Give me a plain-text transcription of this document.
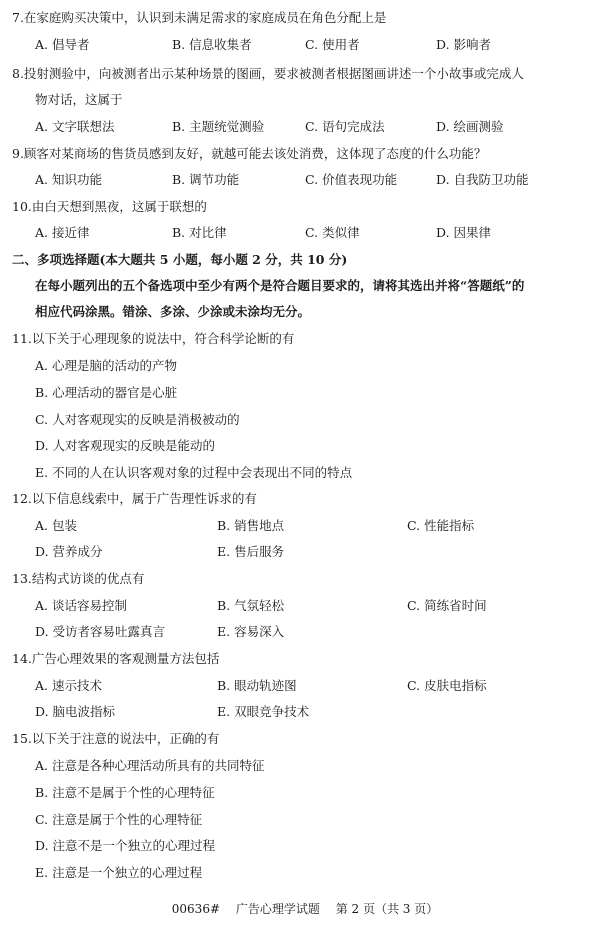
7.在家庭购买决策中，认识到未满足需求的家庭成员在角色分配上是
A. 倡导者	B. 信息收集者	C. 使用者	D. 影响者
8.投射测验中，向被测者出示某种场景的图画，要求被测者根据图画讲述一个小故事或完成人
物对话，这属于
A. 文字联想法	B. 主题统觉测验	C. 语句完成法	D. 绘画测验
9.顾客对某商场的售货员感到友好，就越可能去该处消费，这体现了态度的什么功能？
A. 知识功能	B. 调节功能	C. 价值表现功能	D. 自我防卫功能
10.由白天想到黑夜，这属于联想的
A. 接近律	B. 对比律	C. 类似律	D. 因果律
二、多项选择题(本大题共 5 小题，每小题 2 分，共 10 分)
在每小题列出的五个备选项中至少有两个是符合题目要求的，请将其选出并将“答题纸”的
相应代码涂黑。错涂、多涂、少涂或未涂均无分。
11.以下关于心理现象的说法中，符合科学论断的有
A. 心理是脑的活动的产物
B. 心理活动的器官是心脏
C. 人对客观现实的反映是消极被动的
D. 人对客观现实的反映是能动的
E. 不同的人在认识客观对象的过程中会表现出不同的特点
12.以下信息线索中，属于广告理性诉求的有
A. 包装	B. 销售地点	C. 性能指标
D. 营养成分	E. 售后服务
13.结构式访谈的优点有
A. 谈话容易控制	B. 气氛轻松	C. 简练省时间
D. 受访者容易吐露真言	E. 容易深入
14.广告心理效果的客观测量方法包括
A. 速示技术	B. 眼动轨迹图	C. 皮肤电指标
D. 脑电波指标	E. 双眼竞争技术
15.以下关于注意的说法中，正确的有
A. 注意是各种心理活动所具有的共同特征
B. 注意不是属于个性的心理特征
C. 注意是属于个性的心理特征
D. 注意不是一个独立的心理过程
E. 注意是一个独立的心理过程
00636# 广告心理学试题 第 2 页（共 3 页）
